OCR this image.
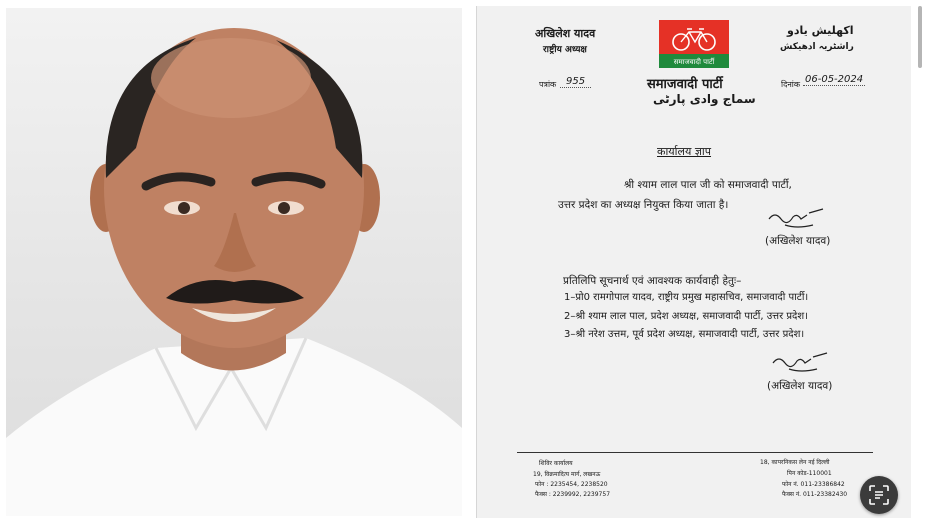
अखिलेश यादव
राष्ट्रीय अध्यक्ष
समाजवादी पार्टी
اکھلیش یادو
راشٹریہ ادھیکش
पत्रांक 955	समाजवादी पार्टी
سماج وادی پارٹی
दिनांक 06-05-2024
कार्यालय ज्ञाप
श्री श्याम लाल पाल जी को समाजवादी पार्टी,
उत्तर प्रदेश का अध्यक्ष नियुक्त किया जाता है।
(अखिलेश यादव)
प्रतिलिपि सूचनार्थ एवं आवश्यक कार्यवाही हेतुः–
1–प्रो0 रामगोपाल यादव, राष्ट्रीय प्रमुख महासचिव, समाजवादी पार्टी।
2–श्री श्याम लाल पाल, प्रदेश अध्यक्ष, समाजवादी पार्टी, उत्तर प्रदेश।
3–श्री नरेश उत्तम, पूर्व प्रदेश अध्यक्ष, समाजवादी पार्टी, उत्तर प्रदेश।
(अखिलेश यादव)
शिविर कार्यालय
19, विक्रमादित्य मार्ग, लखनऊ
फोन : 2235454, 2238520
फैक्स : 2239992, 2239757
18, कापरनिकस लेन नई दिल्ली
पिन कोड-110001
फोन नं. 011-23386842
फैक्स नं. 011-23382430
